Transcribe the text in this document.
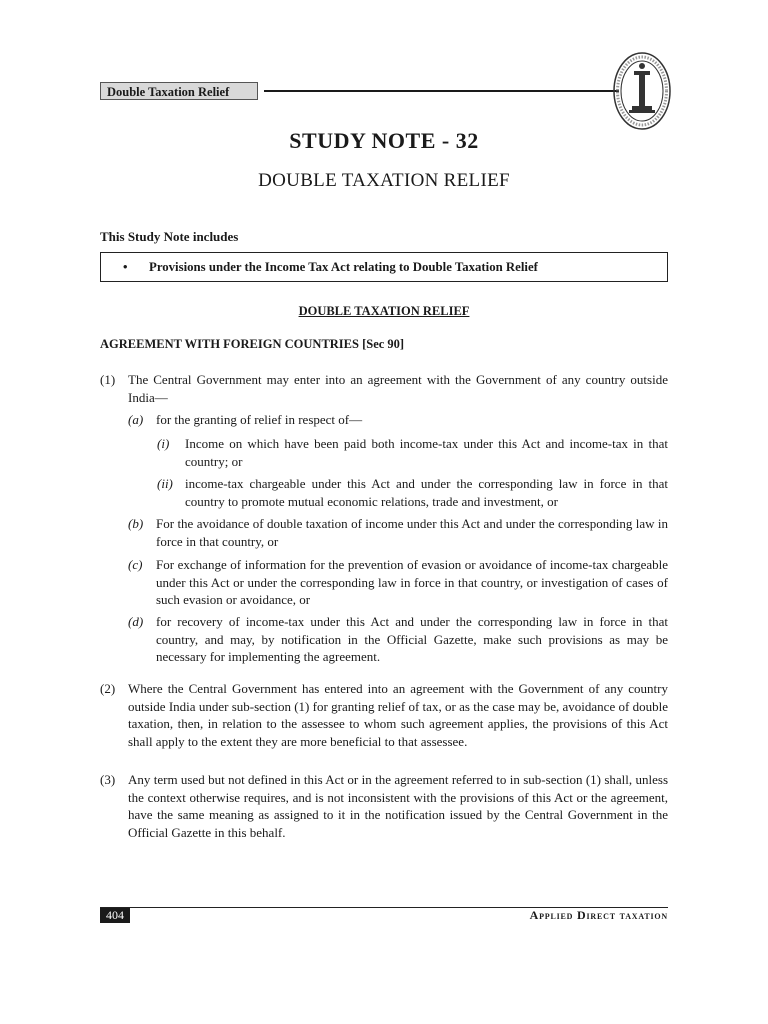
Double Taxation Relief
STUDY NOTE - 32
DOUBLE TAXATION RELIEF
This Study Note includes
• Provisions under the Income Tax Act relating to Double Taxation Relief
DOUBLE TAXATION RELIEF
AGREEMENT WITH FOREIGN COUNTRIES [Sec 90]
(1) The Central Government may enter into an agreement with the Government of any country outside India—

(a) for the granting of relief in respect of—

(i) Income on which have been paid both income-tax under this Act and income-tax in that country; or

(ii) income-tax chargeable under this Act and under the corresponding law in force in that country to promote mutual economic relations, trade and investment, or

(b) For the avoidance of double taxation of income under this Act and under the corresponding law in force in that country, or

(c) For exchange of information for the prevention of evasion or avoidance of income-tax chargeable under this Act or under the corresponding law in force in that country, or investigation of cases of such evasion or avoidance, or

(d) for recovery of income-tax under this Act and under the corresponding law in force in that country, and may, by notification in the Official Gazette, make such provisions as may be necessary for implementing the agreement.

(2) Where the Central Government has entered into an agreement with the Government of any country outside India under sub-section (1) for granting relief of tax, or as the case may be, avoidance of double taxation, then, in relation to the assessee to whom such agreement applies, the provisions of this Act shall apply to the extent they are more beneficial to that assessee.

(3) Any term used but not defined in this Act or in the agreement referred to in sub-section (1) shall, unless the context otherwise requires, and is not inconsistent with the provisions of this Act or the agreement, have the same meaning as assigned to it in the notification issued by the Central Government in the Official Gazette in this behalf.

404	Applied Direct taxation
